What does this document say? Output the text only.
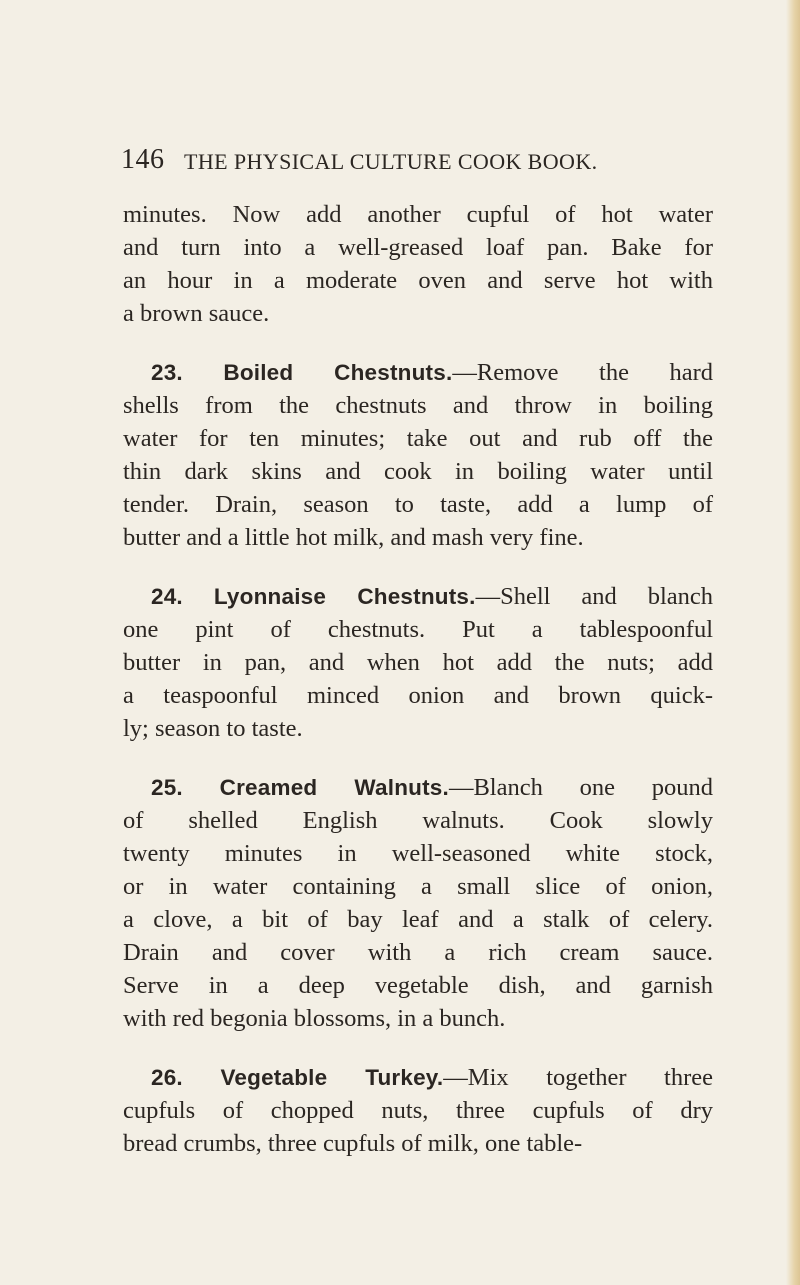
146 THE PHYSICAL CULTURE COOK BOOK.
minutes. Now add another cupful of hot water
and turn into a well-greased loaf pan. Bake for
an hour in a moderate oven and serve hot with
a brown sauce.
23. Boiled Chestnuts.—Remove the hard
shells from the chestnuts and throw in boiling
water for ten minutes; take out and rub off the
thin dark skins and cook in boiling water until
tender. Drain, season to taste, add a lump of
butter and a little hot milk, and mash very fine.
24. Lyonnaise Chestnuts.—Shell and blanch
one pint of chestnuts. Put a tablespoonful
butter in pan, and when hot add the nuts; add
a teaspoonful minced onion and brown quick-
ly; season to taste.
25. Creamed Walnuts.—Blanch one pound
of shelled English walnuts. Cook slowly
twenty minutes in well-seasoned white stock,
or in water containing a small slice of onion,
a clove, a bit of bay leaf and a stalk of celery.
Drain and cover with a rich cream sauce.
Serve in a deep vegetable dish, and garnish
with red begonia blossoms, in a bunch.
26. Vegetable Turkey.—Mix together three
cupfuls of chopped nuts, three cupfuls of dry
bread crumbs, three cupfuls of milk, one table-
